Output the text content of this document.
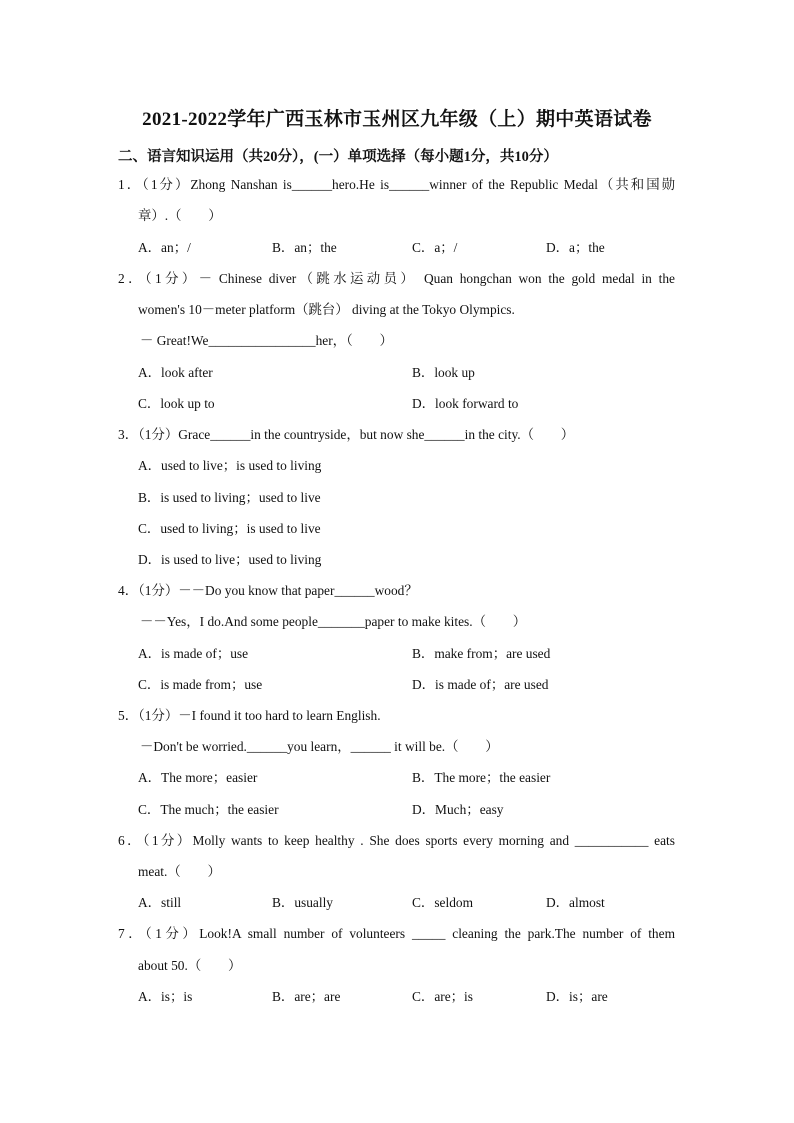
2021-2022学年广西玉林市玉州区九年级（上）期中英语试卷
二、语言知识运用（共20分），(一）单项选择（每小题1分，共10分）
1．（1分）Zhong Nanshan is______hero.He is______winner of the Republic Medal（共和国勋
章）.（　　）
A．an；/	B．an；the	C．a；/	D．a；the
2．（1分）－ Chinese diver（跳水运动员） Quan hongchan won the gold medal in the
women's 10－meter platform（跳台） diving at the Tokyo Olympics.
－ Great!We________________her，（　　）
A．look after	B．look up
C．look up to	D．look forward to
3．（1分）Grace______in the countryside，but now she______in the city.（　　）
A．used to live；is used to living
B．is used to living；used to live
C．used to living；is used to live
D．is used to live；used to living
4．（1分）－－Do you know that paper______wood？
－－Yes，I do.And some people_______paper to make kites.（　　）
A．is made of；use	B．make from；are used
C．is made from；use	D．is made of；are used
5．（1分）－I found it too hard to learn English.
－Don't be worried.______you learn，______ it will be.（　　）
A．The more；easier	B．The more；the easier
C．The much；the easier	D．Much；easy
6．（1分）Molly wants to keep healthy . She does sports every morning and ___________ eats
meat.（　　）
A．still	B．usually	C．seldom	D．almost
7．（1分）Look!A small number of volunteers _____ cleaning the park.The number of them
about 50.（　　）
A．is；is	B．are；are	C．are；is	D．is；are
